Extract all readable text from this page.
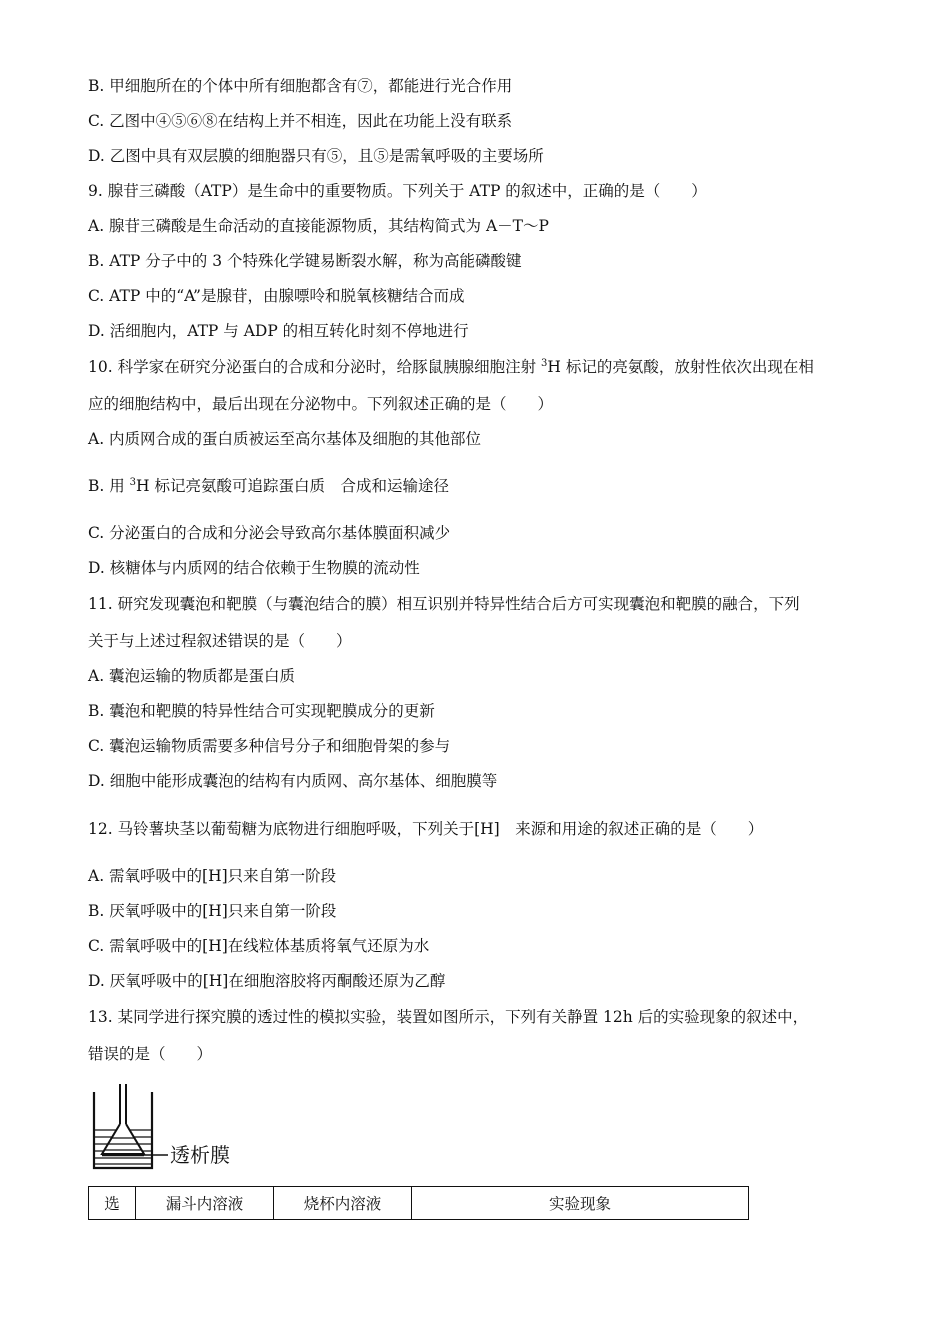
B. 甲细胞所在的个体中所有细胞都含有⑦，都能进行光合作用
C. 乙图中④⑤⑥⑧在结构上并不相连，因此在功能上没有联系
D. 乙图中具有双层膜的细胞器只有⑤，且⑤是需氧呼吸的主要场所
9. 腺苷三磷酸（ATP）是生命中的重要物质。下列关于 ATP 的叙述中，正确的是（　　）
A. 腺苷三磷酸是生命活动的直接能源物质，其结构简式为 A－T～P
B. ATP 分子中的 3 个特殊化学键易断裂水解，称为高能磷酸键
C. ATP 中的“A”是腺苷，由腺嘌呤和脱氧核糖结合而成
D. 活细胞内，ATP 与 ADP 的相互转化时刻不停地进行
10. 科学家在研究分泌蛋白的合成和分泌时，给豚鼠胰腺细胞注射 $^3$H 标记的亮氨酸，放射性依次出现在相
应的细胞结构中，最后出现在分泌物中。下列叙述正确的是（　　）
A. 内质网合成的蛋白质被运至高尔基体及细胞的其他部位
B. 用 $^3$H 标记亮氨酸可追踪蛋白质　合成和运输途径
C. 分泌蛋白的合成和分泌会导致高尔基体膜面积减少
D. 核糖体与内质网的结合依赖于生物膜的流动性
11. 研究发现囊泡和靶膜（与囊泡结合的膜）相互识别并特异性结合后方可实现囊泡和靶膜的融合，下列
关于与上述过程叙述错误的是（　　）
A. 囊泡运输的物质都是蛋白质
B. 囊泡和靶膜的特异性结合可实现靶膜成分的更新
C. 囊泡运输物质需要多种信号分子和细胞骨架的参与
D. 细胞中能形成囊泡的结构有内质网、高尔基体、细胞膜等
12. 马铃薯块茎以葡萄糖为底物进行细胞呼吸，下列关于[H]　来源和用途的叙述正确的是（　　）
A. 需氧呼吸中的[H]只来自第一阶段
B. 厌氧呼吸中的[H]只来自第一阶段
C. 需氧呼吸中的[H]在线粒体基质将氧气还原为水
D. 厌氧呼吸中的[H]在细胞溶胶将丙酮酸还原为乙醇
13. 某同学进行探究膜的透过性的模拟实验，装置如图所示，下列有关静置 12h 后的实验现象的叙述中，
错误的是（　　）
透析膜
选	漏斗内溶液	烧杯内溶液	实验现象
